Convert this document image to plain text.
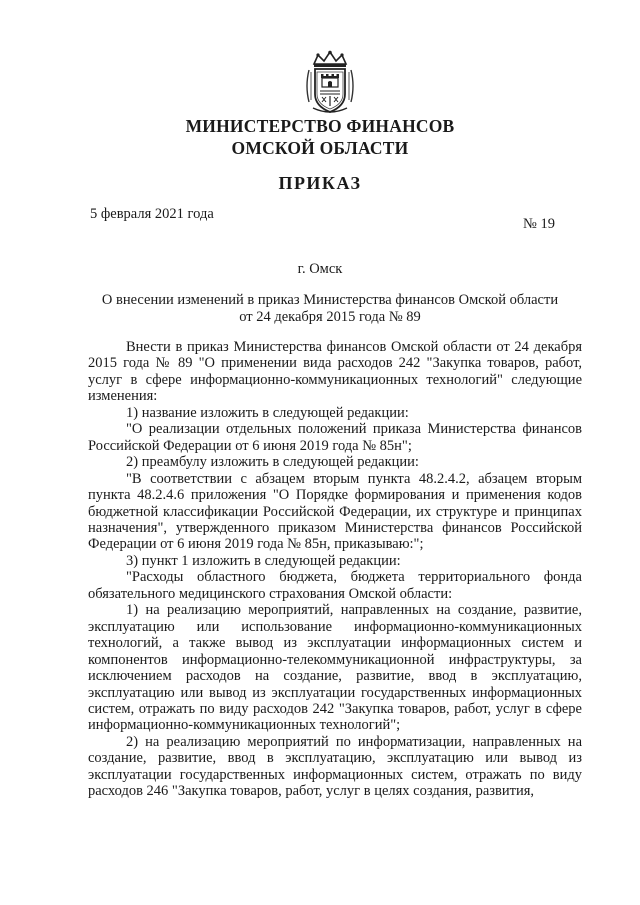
МИНИСТЕРСТВО ФИНАНСОВ
ОМСКОЙ ОБЛАСТИ
ПРИКАЗ
5 февраля 2021 года
№ 19
г. Омск
О внесении изменений в приказ Министерства финансов Омской области
от 24 декабря 2015 года № 89

Внести в приказ Министерства финансов Омской области от 24 декабря 2015 года № 89 "О применении вида расходов 242 "Закупка товаров, работ, услуг в сфере информационно-коммуникационных технологий" следующие изменения:

1) название изложить в следующей редакции:

"О реализации отдельных положений приказа Министерства финансов Российской Федерации от 6 июня 2019 года № 85н";

2) преамбулу изложить в следующей редакции:

"В соответствии с абзацем вторым пункта 48.2.4.2, абзацем вторым пункта 48.2.4.6 приложения "О Порядке формирования и применения кодов бюджетной классификации Российской Федерации, их структуре и принципах назначения", утвержденного приказом Министерства финансов Российской Федерации от 6 июня 2019 года № 85н, приказываю:";

3) пункт 1 изложить в следующей редакции:

"Расходы областного бюджета, бюджета территориального фонда обязательного медицинского страхования Омской области:

1) на реализацию мероприятий, направленных на создание, развитие, эксплуатацию или использование информационно-коммуникационных технологий, а также вывод из эксплуатации информационных систем и компонентов информационно-телекоммуникационной инфраструктуры, за исключением расходов на создание, развитие, ввод в эксплуатацию, эксплуатацию или вывод из эксплуатации государственных информационных систем, отражать по виду расходов 242 "Закупка товаров, работ, услуг в сфере информационно-коммуникационных технологий";

2) на реализацию мероприятий по информатизации, направленных на создание, развитие, ввод в эксплуатацию, эксплуатацию или вывод из эксплуатации государственных информационных систем, отражать по виду расходов 246 "Закупка товаров, работ, услуг в целях создания, развития,
